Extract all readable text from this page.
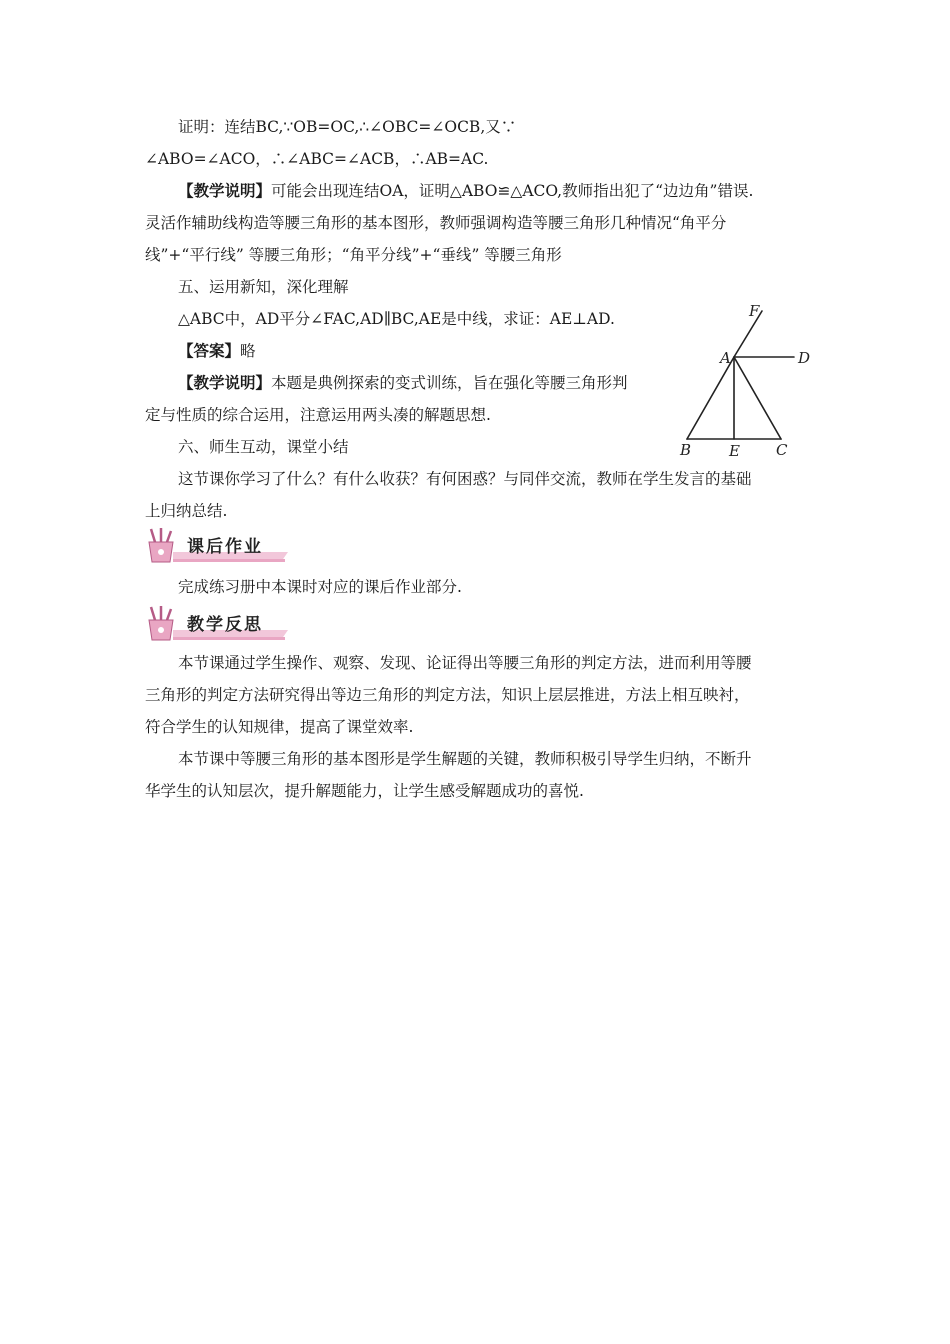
证明：连结BC,∵OB=OC,∴∠OBC=∠OCB,又∵
∠ABO=∠ACO，∴∠ABC=∠ACB，∴AB=AC.
【教学说明】可能会出现连结OA，证明△ABO≌△ACO,教师指出犯了“边边角”错误.
灵活作辅助线构造等腰三角形的基本图形，教师强调构造等腰三角形几种情况“角平分
线”+“平行线” 等腰三角形；“角平分线”+“垂线” 等腰三角形
五、运用新知，深化理解
△ABC中，AD平分∠FAC,AD∥BC,AE是中线，求证：AE⊥AD.
【答案】略
【教学说明】本题是典例探索的变式训练，旨在强化等腰三角形判
定与性质的综合运用，注意运用两头凑的解题思想.
F
A	D
B	E C
六、师生互动，课堂小结
这节课你学习了什么？有什么收获？有何困惑？与同伴交流，教师在学生发言的基础
上归纳总结.
课后作业
完成练习册中本课时对应的课后作业部分.
教学反思
本节课通过学生操作、观察、发现、论证得出等腰三角形的判定方法，进而利用等腰
三角形的判定方法研究得出等边三角形的判定方法，知识上层层推进，方法上相互映衬，
符合学生的认知规律，提高了课堂效率.
本节课中等腰三角形的基本图形是学生解题的关键，教师积极引导学生归纳，不断升
华学生的认知层次，提升解题能力，让学生感受解题成功的喜悦.
